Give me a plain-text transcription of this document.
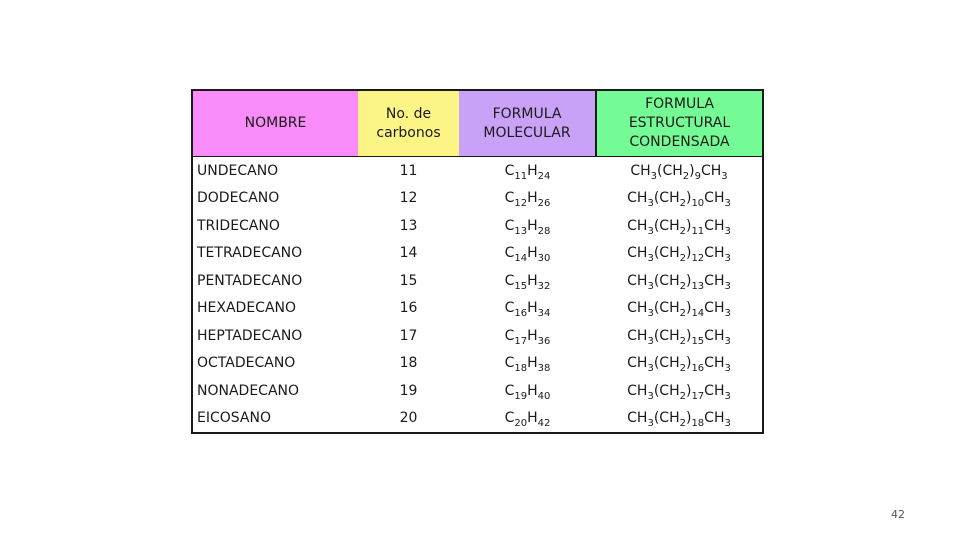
NOMBRE	No. de carbonos	FORMULA MOLECULAR	FORMULA ESTRUCTURAL CONDENSADA
UNDECANO	11	$C_{11}H_{24}$	$CH_3(CH_2)_9CH_3$
DODECANO	12	$C_{12}H_{26}$	$CH_3(CH_2)_{10}CH_3$
TRIDECANO	13	$C_{13}H_{28}$	$CH_3(CH_2)_{11}CH_3$
TETRADECANO	14	$C_{14}H_{30}$	$CH_3(CH_2)_{12}CH_3$
PENTADECANO	15	$C_{15}H_{32}$	$CH_3(CH_2)_{13}CH_3$
HEXADECANO	16	$C_{16}H_{34}$	$CH_3(CH_2)_{14}CH_3$
HEPTADECANO	17	$C_{17}H_{36}$	$CH_3(CH_2)_{15}CH_3$
OCTADECANO	18	$C_{18}H_{38}$	$CH_3(CH_2)_{16}CH_3$
NONADECANO	19	$C_{19}H_{40}$	$CH_3(CH_2)_{17}CH_3$
EICOSANO	20	$C_{20}H_{42}$	$CH_3(CH_2)_{18}CH_3$
42
